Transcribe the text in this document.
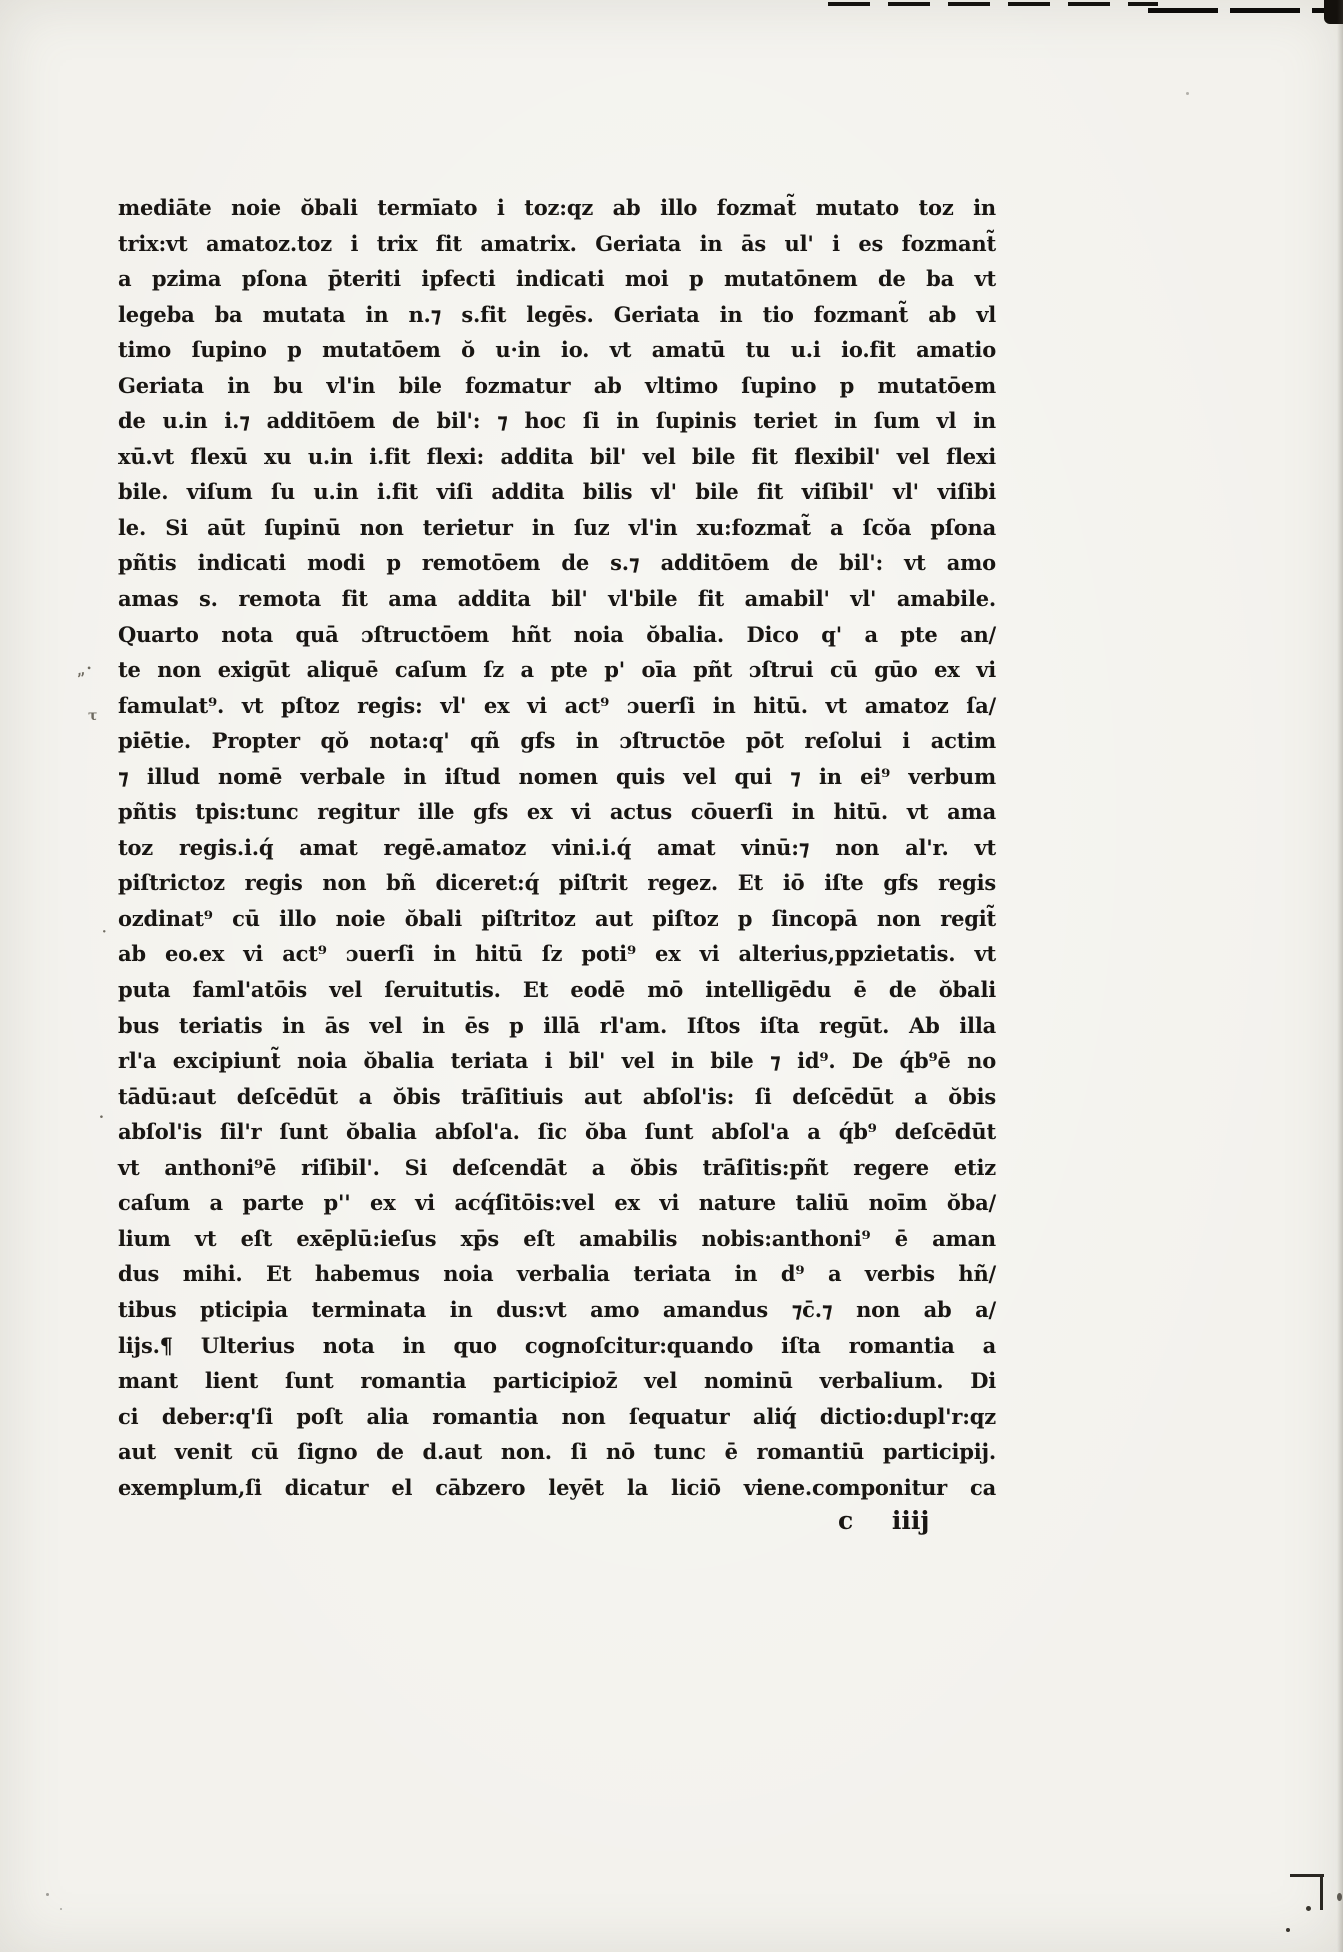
„·
τ
·
.
mediāte noie ŏbali termīato i toz:qz ab illo fozmat̃ mutato toz in
trix:vt amatoz.toz i trix fit amatrix. Geriata in ās ul' i es fozmant̃
a pzima pſona p̄teriti ipfecti indicati moi p mutatōnem de ba vt
legeba ba mutata in n.⁊ s.fit legēs. Geriata in tio fozmant̃ ab vl
timo ſupino p mutatōem ŏ u·in io. vt amatū tu u.i io.fit amatio
Geriata in bu vl'in bile fozmatur ab vltimo ſupino p mutatōem
de u.in i.⁊ additōem de bil': ⁊ hoc ſi in ſupinis teriet in ſum vl in
xū.vt flexū xu u.in i.fit flexi: addita bil' vel bile fit flexibil' vel flexi
bile. viſum ſu u.in i.fit viſi addita bilis vl' bile fit viſibil' vl' viſibi
le. Si aūt ſupinū non terietur in ſuz vl'in xu:fozmat̃ a ſcŏa pſona
pñtis indicati modi p remotōem de s.⁊ additōem de bil': vt amo
amas s. remota fit ama addita bil' vl'bile fit amabil' vl' amabile.
Quarto nota quā ɔſtructōem hñt noia ŏbalia. Dico q' a pte an/
te non exigūt aliquē caſum ſz a pte p' oīa pñt ɔſtrui cū gūo ex vi
famulat⁹. vt pſtoz regis: vl' ex vi act⁹ ɔuerſi in hitū. vt amatoz ſa/
piētie. Propter qŏ nota:q' qñ gfs in ɔſtructōe pōt reſolui i actim
⁊ illud nomē verbale in iſtud nomen quis vel qui ⁊ in ei⁹ verbum
pñtis tpis:tunc regitur ille gfs ex vi actus cōuerſi in hitū. vt ama
toz regis.i.q́ amat regē.amatoz vini.i.q́ amat vinū:⁊ non al'r. vt
piſtrictoz regis non bñ diceret:q́ piſtrit regez. Et iō iſte gfs regis
ozdinat⁹ cū illo noie ŏbali piſtritoz aut piſtoz p ſincopā non regit̃
ab eo.ex vi act⁹ ɔuerſi in hitū ſz poti⁹ ex vi alterius,ppzietatis. vt
puta faml'atōis vel ſeruitutis. Et eodē mō intelligēdu ē de ŏbali
bus teriatis in ās vel in ēs p illā rl'am. Iſtos iſta regūt. Ab illa
rl'a excipiunt̃ noia ŏbalia teriata i bil' vel in bile ⁊ id⁹. De q́b⁹ē no
tādū:aut deſcēdūt a ŏbis trāſitiuis aut abſol'is: ſi deſcēdūt a ŏbis
abſol'is ſil'r ſunt ŏbalia abſol'a. ſic ŏba ſunt abſol'a a q́b⁹ deſcēdūt
vt anthoni⁹ē riſibil'. Si deſcendāt a ŏbis trāſitis:pñt regere etiz
caſum a parte p'' ex vi acq́ſitōis:vel ex vi nature taliū noīm ŏba/
lium vt eſt exēplū:ieſus xp̄s eſt amabilis nobis:anthoni⁹ ē aman
dus mihi. Et habemus noia verbalia teriata in d⁹ a verbis hñ/
tibus pticipia terminata in dus:vt amo amandus ⁊c̄.⁊ non ab a/
lijs.¶ Ulterius nota in quo cognoſcitur:quando iſta romantia a
mant lient ſunt romantia participioz̄ vel nominū verbalium. Di
ci deber:q'ſi poſt alia romantia non ſequatur aliq́ dictio:dupl'r:qz
aut venit cū ſigno de d.aut non. ſi nō tunc ē romantiū participij.
exemplum,ſi dicatur el cābzero leyēt la liciō viene.componitur ca
c iiij
